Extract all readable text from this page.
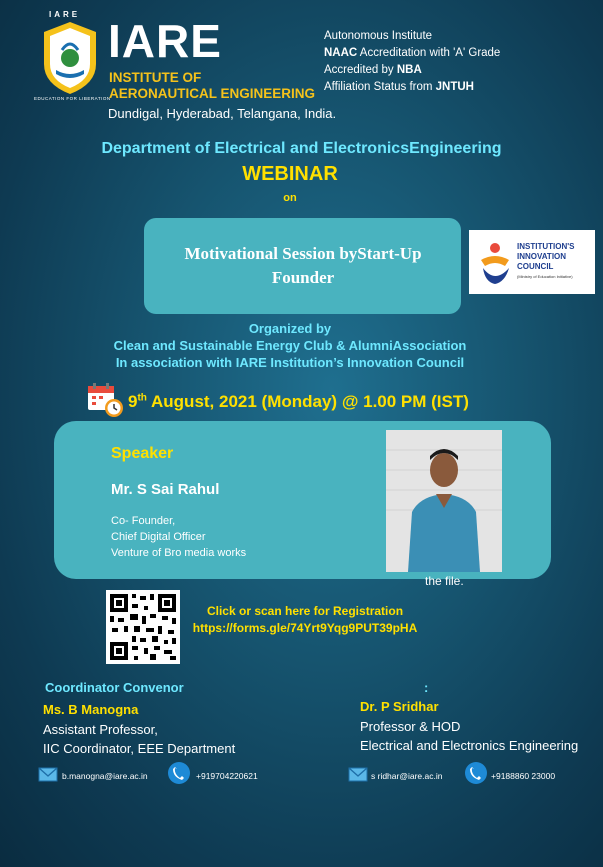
IARE
EDUCATION FOR LIBERATION
IARE
INSTITUTE OF
AERONAUTICAL ENGINEERING
Dundigal, Hyderabad, Telangana, India.
Autonomous Institute
NAAC Accreditation with 'A' Grade
Accredited by NBA
Affiliation Status from JNTUH
Department of Electrical and ElectronicsEngineering
WEBINAR
on
Motivational Session byStart-Up
Founder
INSTITUTION'S
INNOVATION
COUNCIL
(Ministry of Education Initiative)
Organized by
Clean and Sustainable Energy Club & AlumniAssociation
In association with IARE Institution’s Innovation Council
9th August, 2021 (Monday) @ 1.00 PM (IST)
Speaker
Mr. S Sai Rahul
Co- Founder,
Chief Digital Officer
Venture of Bro media works
the file.
Click or scan here for Registration
https://forms.gle/74Yrt9Yqg9PUT39pHA
Coordinator Convenor	:
Ms. B Manogna
Assistant Professor,
IIC Coordinator, EEE Department
Dr. P Sridhar
Professor & HOD
Electrical and Electronics Engineering
b.manogna@iare.ac.in	+919704220621	s ridhar@iare.ac.in	+9188860 23000
